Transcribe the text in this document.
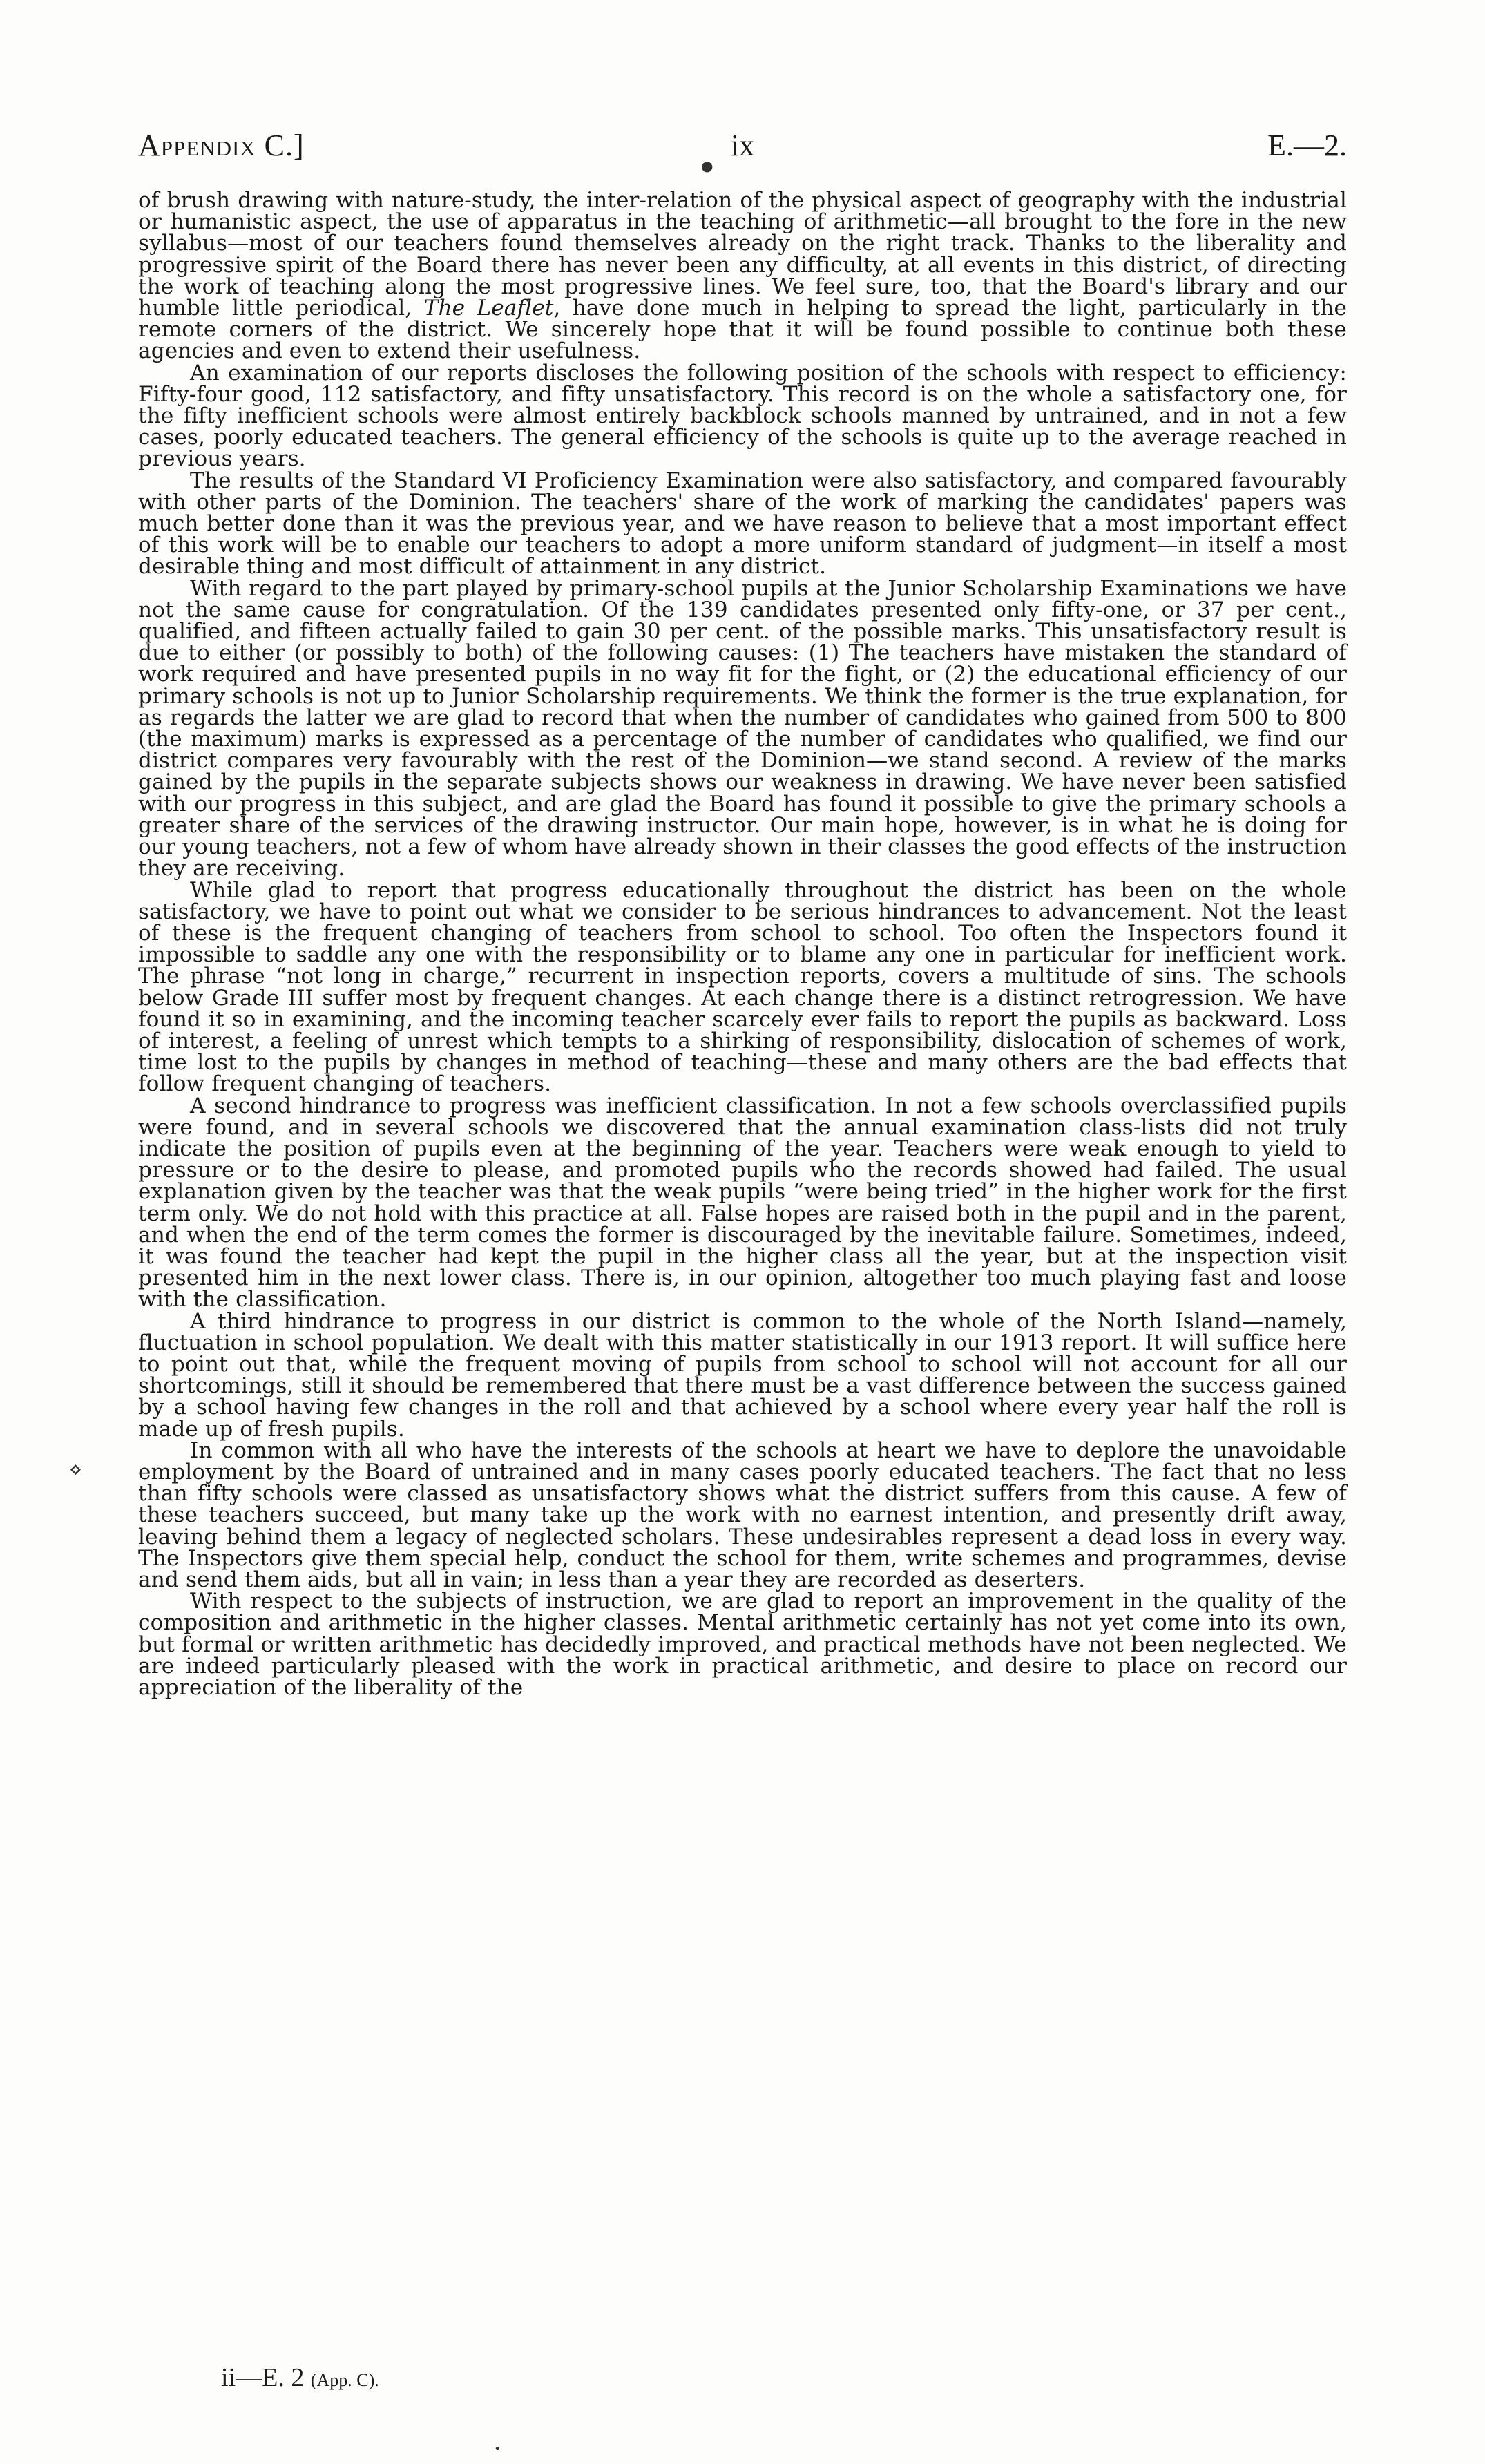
Appendix C.]	ix	E.—2.
●

of brush drawing with nature-study, the inter-relation of the physical aspect of geography with the industrial or humanistic aspect, the use of apparatus in the teaching of arithmetic—all brought to the fore in the new syllabus—most of our teachers found themselves already on the right track. Thanks to the liberality and progressive spirit of the Board there has never been any difficulty, at all events in this district, of directing the work of teaching along the most progressive lines. We feel sure, too, that the Board's library and our humble little periodical, The Leaflet, have done much in helping to spread the light, particularly in the remote corners of the district. We sincerely hope that it will be found possible to continue both these agencies and even to extend their usefulness.

An examination of our reports discloses the following position of the schools with respect to efficiency: Fifty-four good, 112 satisfactory, and fifty unsatisfactory. This record is on the whole a satisfactory one, for the fifty inefficient schools were almost entirely backblock schools manned by untrained, and in not a few cases, poorly educated teachers. The general efficiency of the schools is quite up to the average reached in previous years.

The results of the Standard VI Proficiency Examination were also satisfactory, and compared favourably with other parts of the Dominion. The teachers' share of the work of marking the candidates' papers was much better done than it was the previous year, and we have reason to believe that a most important effect of this work will be to enable our teachers to adopt a more uniform standard of judgment—in itself a most desirable thing and most difficult of attainment in any district.

With regard to the part played by primary-school pupils at the Junior Scholarship Examinations we have not the same cause for congratulation. Of the 139 candidates presented only fifty-one, or 37 per cent., qualified, and fifteen actually failed to gain 30 per cent. of the possible marks. This unsatisfactory result is due to either (or possibly to both) of the following causes: (1) The teachers have mistaken the standard of work required and have presented pupils in no way fit for the fight, or (2) the educational efficiency of our primary schools is not up to Junior Scholarship requirements. We think the former is the true explanation, for as regards the latter we are glad to record that when the number of candidates who gained from 500 to 800 (the maximum) marks is expressed as a percentage of the number of candidates who qualified, we find our district compares very favourably with the rest of the Dominion—we stand second. A review of the marks gained by the pupils in the separate subjects shows our weakness in drawing. We have never been satisfied with our progress in this subject, and are glad the Board has found it possible to give the primary schools a greater share of the services of the drawing instructor. Our main hope, however, is in what he is doing for our young teachers, not a few of whom have already shown in their classes the good effects of the instruction they are receiving.

While glad to report that progress educationally throughout the district has been on the whole satisfactory, we have to point out what we consider to be serious hindrances to advancement. Not the least of these is the frequent changing of teachers from school to school. Too often the Inspectors found it impossible to saddle any one with the responsibility or to blame any one in particular for inefficient work. The phrase “not long in charge,” recurrent in inspection reports, covers a multitude of sins. The schools below Grade III suffer most by frequent changes. At each change there is a distinct retrogression. We have found it so in examining, and the incoming teacher scarcely ever fails to report the pupils as backward. Loss of interest, a feeling of unrest which tempts to a shirking of responsibility, dislocation of schemes of work, time lost to the pupils by changes in method of teaching—these and many others are the bad effects that follow frequent changing of teachers.

A second hindrance to progress was inefficient classification. In not a few schools overclassified pupils were found, and in several schools we discovered that the annual examination class-lists did not truly indicate the position of pupils even at the beginning of the year. Teachers were weak enough to yield to pressure or to the desire to please, and promoted pupils who the records showed had failed. The usual explanation given by the teacher was that the weak pupils “were being tried” in the higher work for the first term only. We do not hold with this practice at all. False hopes are raised both in the pupil and in the parent, and when the end of the term comes the former is discouraged by the inevitable failure. Sometimes, indeed, it was found the teacher had kept the pupil in the higher class all the year, but at the inspection visit presented him in the next lower class. There is, in our opinion, altogether too much playing fast and loose with the classification.

A third hindrance to progress in our district is common to the whole of the North Island—namely, fluctuation in school population. We dealt with this matter statistically in our 1913 report. It will suffice here to point out that, while the frequent moving of pupils from school to school will not account for all our shortcomings, still it should be remembered that there must be a vast difference between the success gained by a school having few changes in the roll and that achieved by a school where every year half the roll is made up of fresh pupils.

In common with all who have the interests of the schools at heart we have to deplore the unavoidable employment by the Board of untrained and in many cases poorly educated teachers. The fact that no less than fifty schools were classed as unsatisfactory shows what the district suffers from this cause. A few of these teachers succeed, but many take up the work with no earnest intention, and presently drift away, leaving behind them a legacy of neglected scholars. These undesirables represent a dead loss in every way. The Inspectors give them special help, conduct the school for them, write schemes and programmes, devise and send them aids, but all in vain; in less than a year they are recorded as deserters.

With respect to the subjects of instruction, we are glad to report an improvement in the quality of the composition and arithmetic in the higher classes. Mental arithmetic certainly has not yet come into its own, but formal or written arithmetic has decidedly improved, and practical methods have not been neglected. We are indeed particularly pleased with the work in practical arithmetic, and desire to place on record our appreciation of the liberality of the

⋄
ii—E. 2 (App. C).
•
